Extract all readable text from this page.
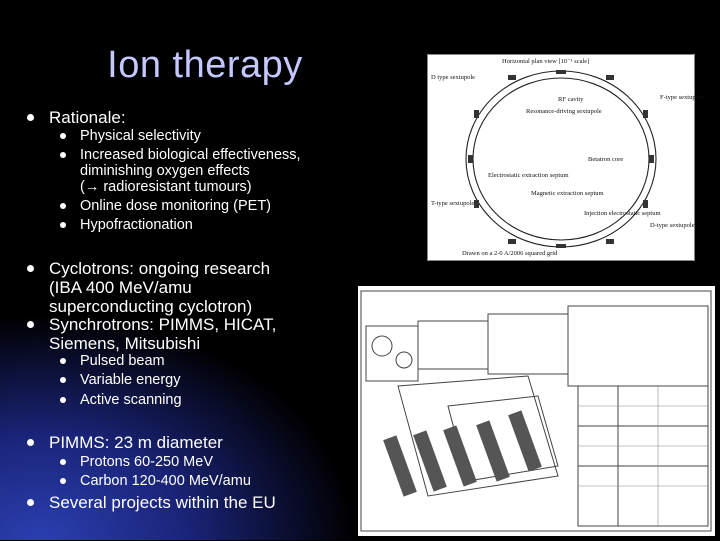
Ion therapy
Rationale:
Physical selectivity
Increased biological effectiveness,
diminishing oxygen effects
(→ radioresistant tumours)
Online dose monitoring (PET)
Hypofractionation
Cyclotrons: ongoing research
(IBA 400 MeV/amu
superconducting cyclotron)
Synchrotrons: PIMMS, HICAT,
Siemens, Mitsubishi
Pulsed beam
Variable energy
Active scanning
PIMMS: 23 m diameter
Protons 60-250 MeV
Carbon 120-400 MeV/amu
Several projects within the EU
Horizontal plan view [10⁻¹ scale]
D type sextupole
F-type sextupole
RF cavity
Resonance-driving sextupole
Betatron core
Electrostatic extraction septum
Magnetic extraction septum
Injection electrostatic septum
T-type sextupole
D-type sextupole
Drawn on a 2-0 A/2006 squared grid
